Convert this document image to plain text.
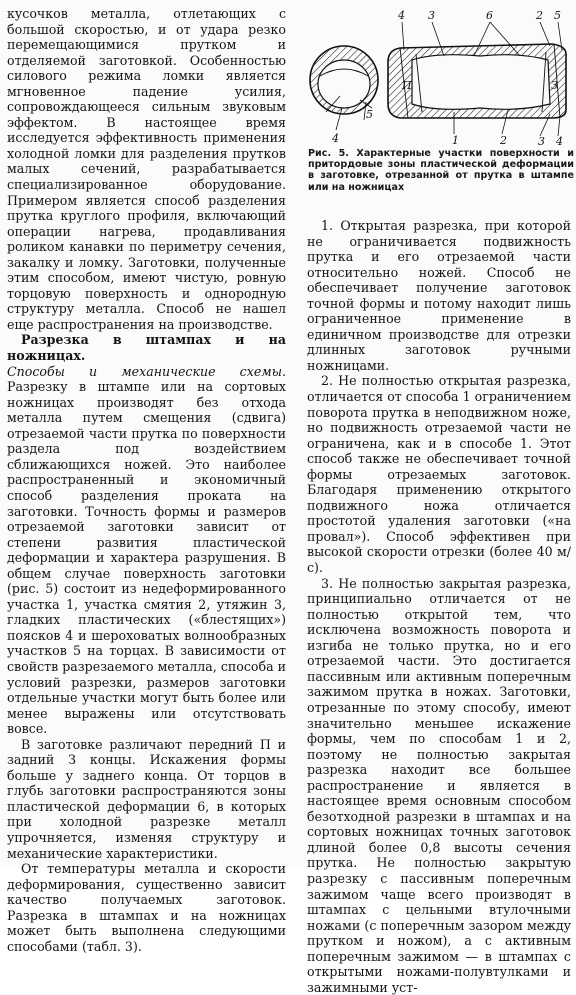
кусочков металла, отлетающих с большой скоростью, и от удара резко перемещающимися прутком и отделяемой заготовкой. Особенностью силового режима ломки является мгновенное падение усилия, сопровождающееся сильным звуковым эффектом. В настоящее время исследуется эффективность применения холодной ломки для разделения прутков малых сечений, разрабатывается специализированное оборудование. Примером является способ разделения прутка круглого профиля, включающий операции нагрева, продавливания роликом канавки по периметру сечения, закалку и ломку. Заготовки, полученные этим способом, имеют чистую, ровную торцовую поверхность и однородную структуру металла. Способ не нашел еще распространения на производстве.

Разрезка в штампах и на ножницах.
Способы и механические схемы. Разрезку в штампе или на сортовых ножницах производят без отхода металла путем смещения (сдвига) отрезаемой части прутка по поверхности раздела под воздействием сближающихся ножей. Это наиболее распространенный и экономичный способ разделения проката на заготовки. Точность формы и размеров отрезаемой заготовки зависит от степени развития пластической деформации и характера разрушения. В общем случае поверхность заготовки (рис. 5) состоит из недеформированного участка 1, участка смятия 2, утяжин 3, гладких пластических («блестящих») поясков 4 и шероховатых волнообразных участков 5 на торцах. В зависимости от свойств разрезаемого металла, способа и условий разрезки, размеров заготовки отдельные участки могут быть более или менее выражены или отсутствовать вовсе.

В заготовке различают передний П и задний З концы. Искажения формы больше у заднего конца. От торцов в глубь заготовки распространяются зоны пластической деформации 6, в которых при холодной разрезке металл упрочняется, изменяя структуру и механические характеристики.

От температуры металла и скорости деформирования, существенно зависит качество получаемых заготовок. Разрезка в штампах и на ножницах может быть выполнена следующими способами (табл. 3).

П	З
4 3	6	2 5
5
4	1	2	3 4
Рис. 5. Характерные участки поверхности и притордовые зоны пластической деформации в заготовке, отрезанной от прутка в штампе или на ножницах

1. Открытая разрезка, при которой не ограничивается подвижность прутка и его отрезаемой части относительно ножей. Способ не обеспечивает получение заготовок точной формы и потому находит лишь ограниченное применение в единичном производстве для отрезки длинных заготовок ручными ножницами.

2. Не полностью открытая разрезка, отличается от способа 1 ограничением поворота прутка в неподвижном ноже, но подвижность отрезаемой части не ограничена, как и в способе 1. Этот способ также не обеспечивает точной формы отрезаемых заготовок. Благодаря применению открытого подвижного ножа отличается простотой удаления заготовки («на провал»). Способ эффективен при высокой скорости отрезки (более 40 м/с).

3. Не полностью закрытая разрезка, принципиально отличается от не полностью открытой тем, что исключена возможность поворота и изгиба не только прутка, но и его отрезаемой части. Это достигается пассивным или активным поперечным зажимом прутка в ножах. Заготовки, отрезанные по этому способу, имеют значительно меньшее искажение формы, чем по способам 1 и 2, поэтому не полностью закрытая разрезка находит все большее распространение и является в настоящее время основным способом безотходной разрезки в штампах и на сортовых ножницах точных заготовок длиной более 0,8 высоты сечения прутка. Не полностью закрытую разрезку с пассивным поперечным зажимом чаще всего производят в штампах с цельными втулочными ножами (с поперечным зазором между прутком и ножом), а с активным поперечным зажимом — в штампах с открытыми ножами-полувтулками и зажимными уст-
